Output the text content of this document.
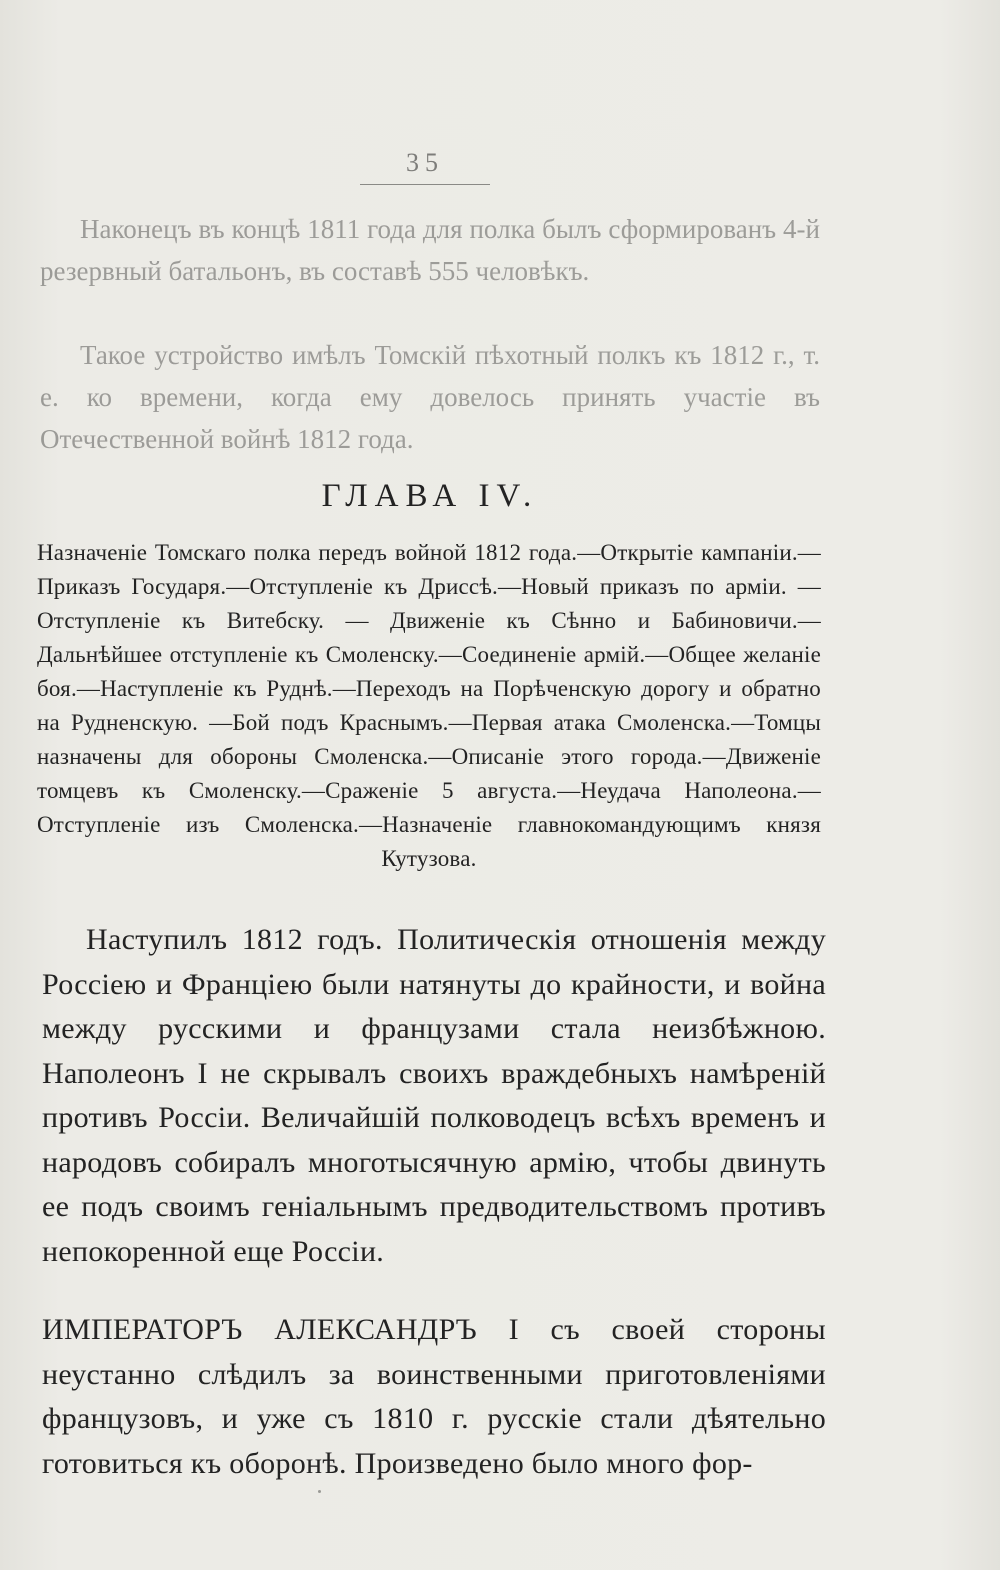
35

Наконецъ въ концѣ 1811 года для полка былъ сформированъ 4-й резервный батальонъ, въ составѣ 555 человѣкъ.

Такое устройство имѣлъ Томскiй пѣхотный полкъ къ 1812 г., т. е. ко времени, когда ему довелось принять участiе въ Отечественной войнѣ 1812 года.

ГЛАВА IV.
Назначенiе Томскаго полка передъ войной 1812 года.—Открытiе кампанiи.—Приказъ Государя.—Отступленiе къ Дриссѣ.—Новый приказъ по армiи. — Отступленiе къ Витебску. — Движенiе къ Сѣнно и Бабиновичи.—Дальнѣйшее отступленiе къ Смоленску.—Соединенiе армiй.—Общее желанiе боя.—Наступленiе къ Руднѣ.—Переходъ на Порѣченскую дорогу и обратно на Рудненскую. —Бой подъ Краснымъ.—Первая атака Смоленска.—Томцы назначены для обороны Смоленска.—Описанiе этого города.—Движенiе томцевъ къ Смоленску.—Сраженiе 5 августа.—Неудача Наполеона.—Отступленiе изъ Смоленска.—Назначенiе главнокомандующимъ князя Кутузова.
Наступилъ 1812 годъ. Политическiя отношенiя между Россiею и Францiею были натянуты до крайности, и война между русскими и французами стала неизбѣжною. Наполеонъ I не скрывалъ своихъ враждебныхъ намѣренiй противъ Россiи. Величайшiй полководецъ всѣхъ временъ и народовъ собиралъ многотысячную армiю, чтобы двинуть ее подъ своимъ генiальнымъ предводительствомъ противъ непокоренной еще Россiи.
ИМПЕРАТОРЪ АЛЕКСАНДРЪ I съ своей стороны неустанно слѣдилъ за воинственными приготовленiями французовъ, и уже съ 1810 г. русскiе стали дѣятельно готовиться къ оборонѣ. Произведено было много фор-
